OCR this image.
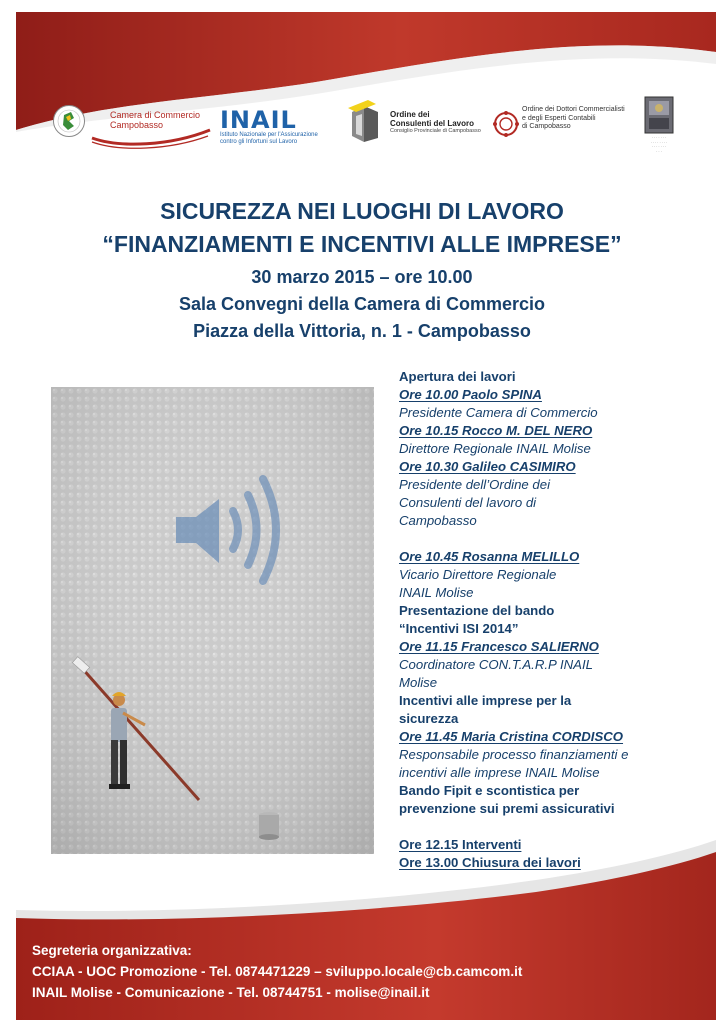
Camera di Commercio
Campobasso	INAIL
Istituto Nazionale per l'Assicurazione
contro gli Infortuni sul Lavoro
Ordine dei
Consulenti del Lavoro
Consiglio Provinciale di Campobasso
Ordine dei Dottori Commercialisti
e degli Esperti Contabili
di Campobasso
· · · · · · ·
· · · · · · · ·
· · · · · · ·
· · ·
SICUREZZA NEI LUOGHI DI LAVORO
“FINANZIAMENTI E INCENTIVI ALLE IMPRESE”
30 marzo 2015 – ore 10.00
Sala Convegni della Camera di Commercio
Piazza della Vittoria, n. 1 - Campobasso
Apertura dei lavori
Ore 10.00 Paolo SPINA
Presidente Camera di Commercio
Ore 10.15 Rocco M. DEL NERO
Direttore Regionale INAIL Molise
Ore 10.30 Galileo CASIMIRO
Presidente dell’Ordine dei
Consulenti del lavoro di
Campobasso
Ore 10.45 Rosanna MELILLO
Vicario Direttore Regionale
INAIL Molise
Presentazione del bando
“Incentivi ISI 2014”
Ore 11.15 Francesco SALIERNO
Coordinatore CON.T.A.R.P INAIL
Molise
Incentivi alle imprese per la
sicurezza
Ore 11.45 Maria Cristina CORDISCO
Responsabile processo finanziamenti e
incentivi alle imprese INAIL Molise
Bando Fipit e scontistica per
prevenzione sui premi assicurativi
Ore 12.15 Interventi
Ore 13.00 Chiusura dei lavori
Segreteria organizzativa:
CCIAA - UOC Promozione - Tel. 0874471229 – sviluppo.locale@cb.camcom.it
INAIL Molise - Comunicazione - Tel. 08744751 - molise@inail.it
